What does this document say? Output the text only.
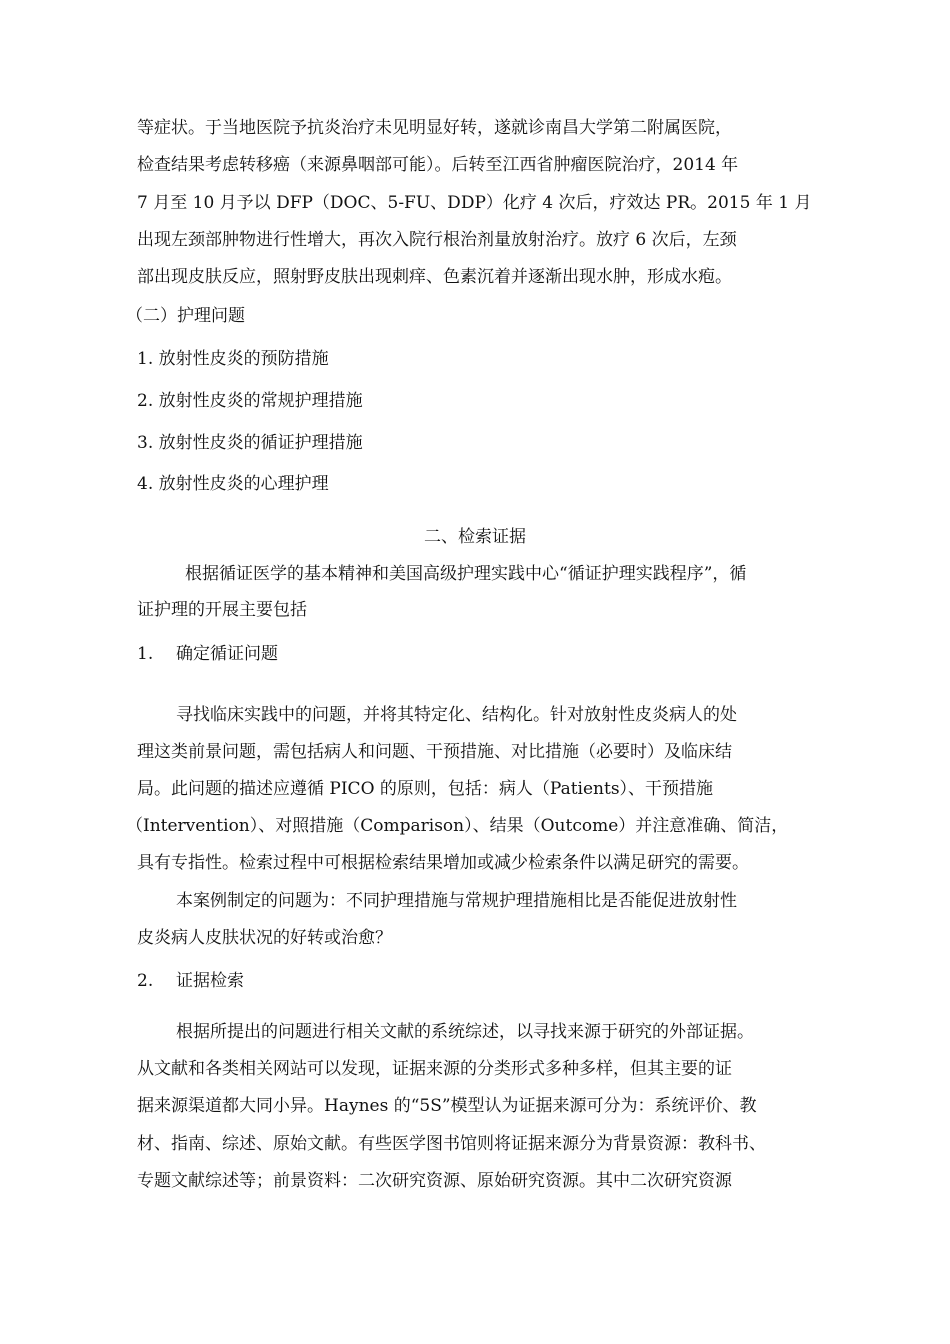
等症状。于当地医院予抗炎治疗未见明显好转，遂就诊南昌大学第二附属医院，
检查结果考虑转移癌（来源鼻咽部可能）。后转至江西省肿瘤医院治疗，2014 年
7 月至 10 月予以 DFP（DOC、5-FU、DDP）化疗 4 次后，疗效达 PR。2015 年 1 月
出现左颈部肿物进行性增大，再次入院行根治剂量放射治疗。放疗 6 次后，左颈
部出现皮肤反应，照射野皮肤出现刺痒、色素沉着并逐渐出现水肿，形成水疱。
（二）护理问题
1. 放射性皮炎的预防措施
2. 放射性皮炎的常规护理措施
3. 放射性皮炎的循证护理措施
4. 放射性皮炎的心理护理
二、检索证据
根据循证医学的基本精神和美国高级护理实践中心“循证护理实践程序”，循
证护理的开展主要包括
1. 确定循证问题
寻找临床实践中的问题，并将其特定化、结构化。针对放射性皮炎病人的处
理这类前景问题，需包括病人和问题、干预措施、对比措施（必要时）及临床结
局。此问题的描述应遵循 PICO 的原则，包括：病人（Patients）、干预措施
（Intervention）、对照措施（Comparison）、结果（Outcome）并注意准确、简洁，
具有专指性。检索过程中可根据检索结果增加或减少检索条件以满足研究的需要。
本案例制定的问题为：不同护理措施与常规护理措施相比是否能促进放射性
皮炎病人皮肤状况的好转或治愈？
2. 证据检索
根据所提出的问题进行相关文献的系统综述，以寻找来源于研究的外部证据。
从文献和各类相关网站可以发现，证据来源的分类形式多种多样，但其主要的证
据来源渠道都大同小异。Haynes 的“5S”模型认为证据来源可分为：系统评价、教
材、指南、综述、原始文献。有些医学图书馆则将证据来源分为背景资源：教科书、
专题文献综述等；前景资料：二次研究资源、原始研究资源。其中二次研究资源
